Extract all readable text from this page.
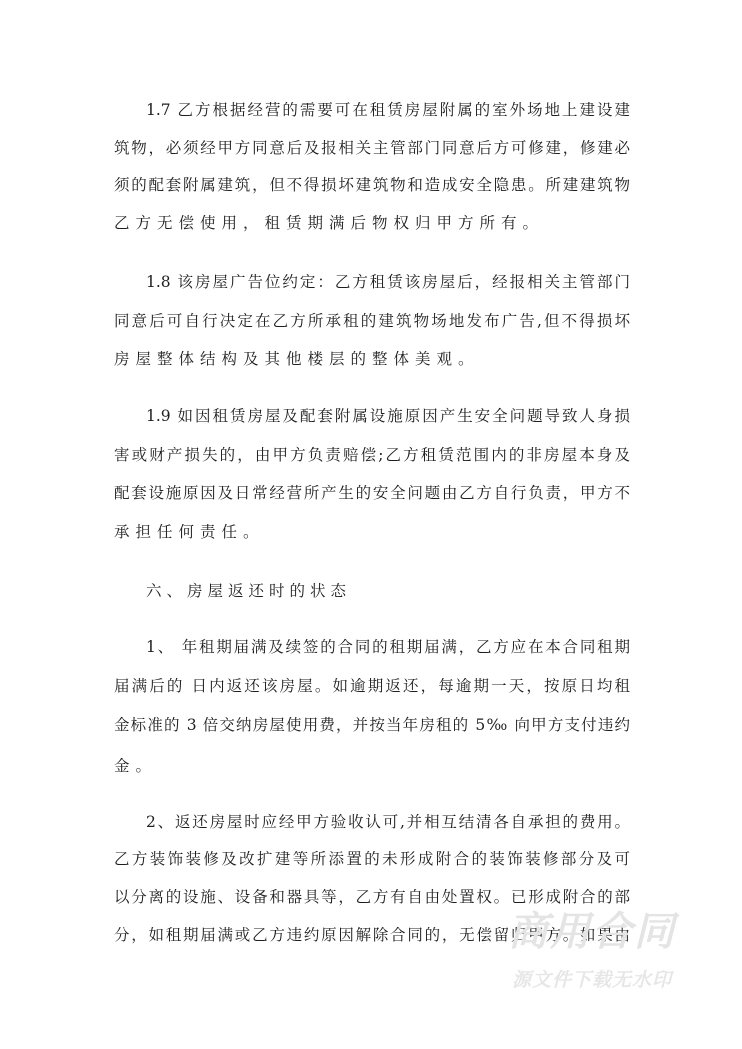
1.7 乙方根据经营的需要可在租赁房屋附属的室外场地上建设建
筑物，必须经甲方同意后及报相关主管部门同意后方可修建，修建必
须的配套附属建筑，但不得损坏建筑物和造成安全隐患。所建建筑物
乙方无偿使用，租赁期满后物权归甲方所有。
1.8 该房屋广告位约定：乙方租赁该房屋后，经报相关主管部门
同意后可自行决定在乙方所承租的建筑物场地发布广告,但不得损坏
房屋整体结构及其他楼层的整体美观。
1.9 如因租赁房屋及配套附属设施原因产生安全问题导致人身损
害或财产损失的，由甲方负责赔偿;乙方租赁范围内的非房屋本身及
配套设施原因及日常经营所产生的安全问题由乙方自行负责，甲方不
承担任何责任。
六、房屋返还时的状态
1、 年租期届满及续签的合同的租期届满，乙方应在本合同租期
届满后的 日内返还该房屋。如逾期返还，每逾期一天，按原日均租
金标准的 3 倍交纳房屋使用费，并按当年房租的 5‰ 向甲方支付违约
金。
2、返还房屋时应经甲方验收认可,并相互结清各自承担的费用。
乙方装饰装修及改扩建等所添置的未形成附合的装饰装修部分及可
以分离的设施、设备和器具等，乙方有自由处置权。已形成附合的部
分，如租期届满或乙方违约原因解除合同的，无偿留归甲方。如果由
商用合同
源文件下载无水印
